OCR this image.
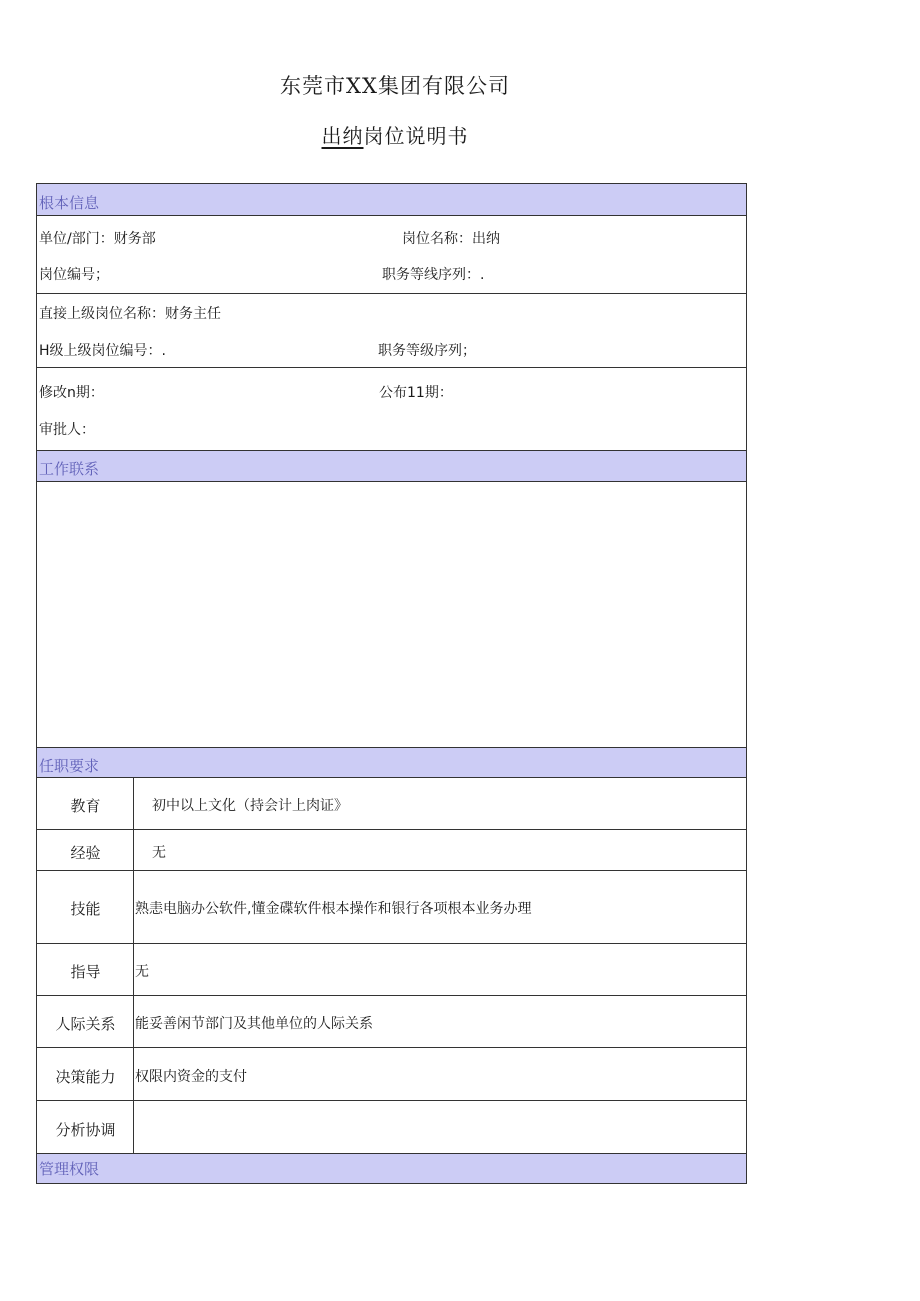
东莞市XX集团有限公司
出纳岗位说明书
根本信息
单位/部门：财务部	岗位名称：出纳
岗位编号；	职务等线序列：.
直接上级岗位名称：财务主任
H级上级岗位编号：.	职务等级序列；
修改n期：	公布11期：
审批人：
工作联系
任职要求
教育	初中以上文化（持会计上肉证》
经验	无
技能	熟恚电脑办公软件,懂金碟软件根本操作和银行各项根本业务办理
指导	无
人际关系	能妥善闲节部门及其他单位的人际关系
决策能力	权限内资金的支付
分析协调
管理权限
